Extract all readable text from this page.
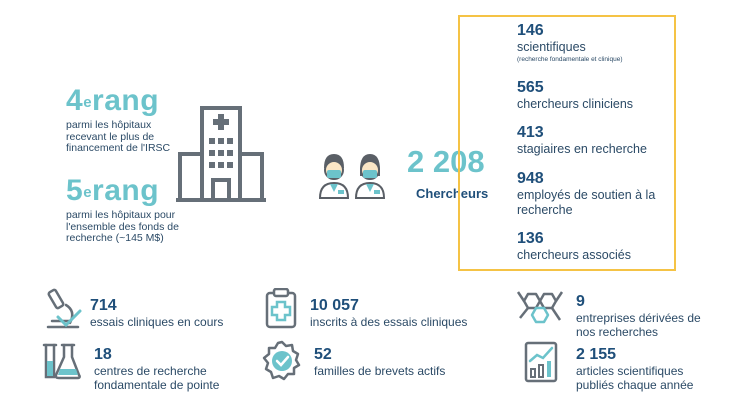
4erang
parmi les hôpitaux recevant le plus de financement de l'IRSC
5erang
parmi les hôpitaux pour l'ensemble des fonds de recherche (~145 M$)
2 208
Chercheurs
146
scientifiques
(recherche fondamentale et clinique)
565
chercheurs cliniciens
413
stagiaires en recherche
948
employés de soutien à la recherche
136
chercheurs associés
714
essais cliniques en cours
18
centres de recherche fondamentale de pointe
10 057
inscrits à des essais cliniques
52
familles de brevets actifs
9
entreprises dérivées de nos recherches
2 155
articles scientifiques publiés chaque année
